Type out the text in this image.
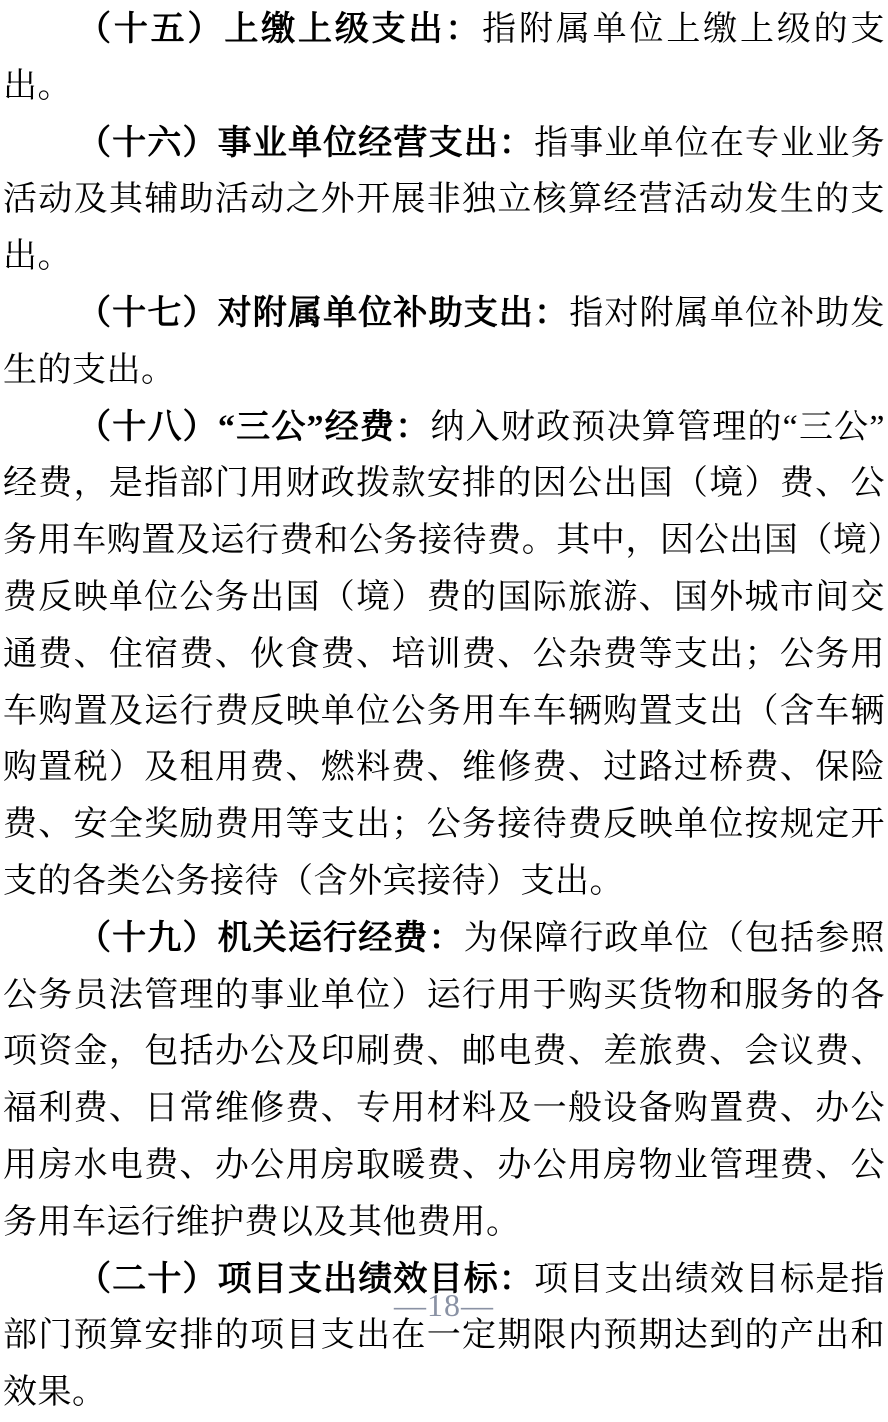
（十五）上缴上级支出：指附属单位上缴上级的支出。

（十六）事业单位经营支出：指事业单位在专业业务活动及其辅助活动之外开展非独立核算经营活动发生的支出。

（十七）对附属单位补助支出：指对附属单位补助发生的支出。

（十八）“三公”经费：纳入财政预决算管理的“三公”经费，是指部门用财政拨款安排的因公出国（境）费、公务用车购置及运行费和公务接待费。其中，因公出国（境）费反映单位公务出国（境）费的国际旅游、国外城市间交通费、住宿费、伙食费、培训费、公杂费等支出；公务用车购置及运行费反映单位公务用车车辆购置支出（含车辆购置税）及租用费、燃料费、维修费、过路过桥费、保险费、安全奖励费用等支出；公务接待费反映单位按规定开支的各类公务接待（含外宾接待）支出。

（十九）机关运行经费：为保障行政单位（包括参照公务员法管理的事业单位）运行用于购买货物和服务的各项资金，包括办公及印刷费、邮电费、差旅费、会议费、福利费、日常维修费、专用材料及一般设备购置费、办公用房水电费、办公用房取暖费、办公用房物业管理费、公务用车运行维护费以及其他费用。

（二十）项目支出绩效目标：项目支出绩效目标是指部门预算安排的项目支出在一定期限内预期达到的产出和效果。

—18—
